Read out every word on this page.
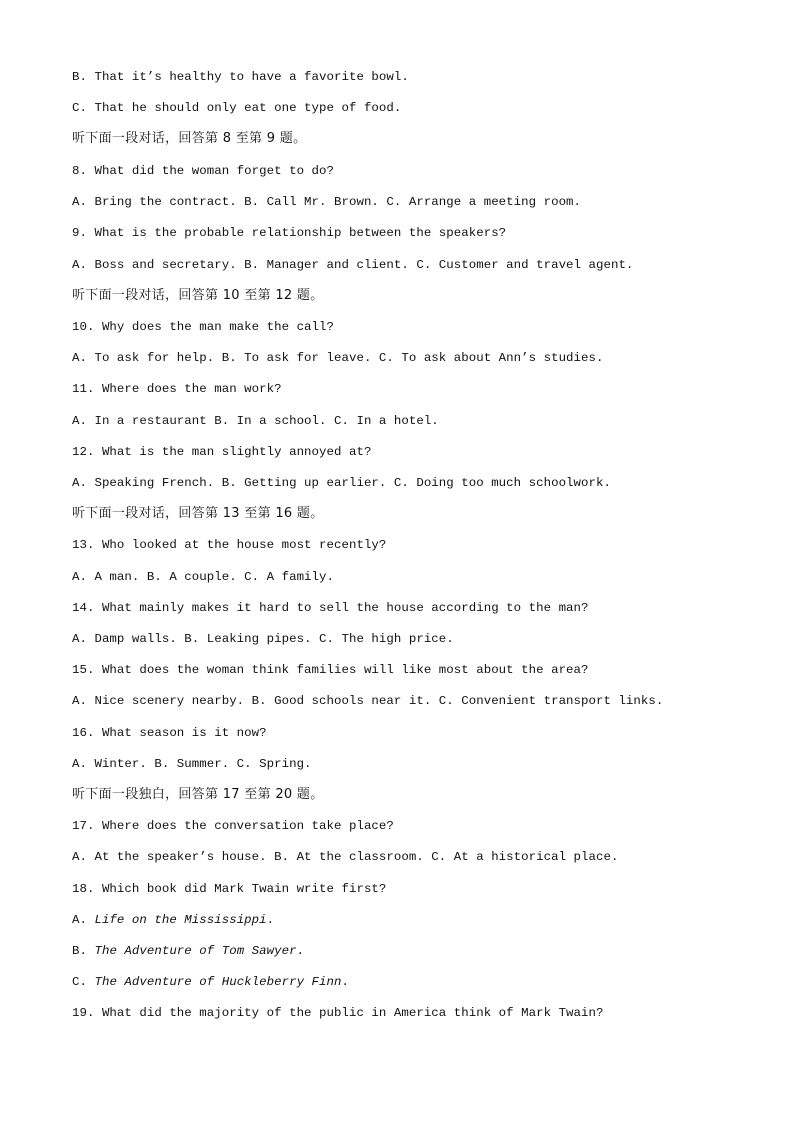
B. That it’s healthy to have a favorite bowl.
C. That he should only eat one type of food.
听下面一段对话，回答第 8 至第 9 题。
8. What did the woman forget to do?
A. Bring the contract. B. Call Mr. Brown. C. Arrange a meeting room.
9. What is the probable relationship between the speakers?
A. Boss and secretary. B. Manager and client. C. Customer and travel agent.
听下面一段对话，回答第 10 至第 12 题。
10. Why does the man make the call?
A. To ask for help. B. To ask for leave. C. To ask about Ann’s studies.
11. Where does the man work?
A. In a restaurant B. In a school. C. In a hotel.
12. What is the man slightly annoyed at?
A. Speaking French. B. Getting up earlier. C. Doing too much schoolwork.
听下面一段对话，回答第 13 至第 16 题。
13. Who looked at the house most recently?
A. A man. B. A couple. C. A family.
14. What mainly makes it hard to sell the house according to the man?
A. Damp walls. B. Leaking pipes. C. The high price.
15. What does the woman think families will like most about the area?
A. Nice scenery nearby. B. Good schools near it. C. Convenient transport links.
16. What season is it now?
A. Winter. B. Summer. C. Spring.
听下面一段独白，回答第 17 至第 20 题。
17. Where does the conversation take place?
A. At the speaker’s house. B. At the classroom. C. At a historical place.
18. Which book did Mark Twain write first?
A. Life on the Mississippi.
B. The Adventure of Tom Sawyer.
C. The Adventure of Huckleberry Finn.
19. What did the majority of the public in America think of Mark Twain?
